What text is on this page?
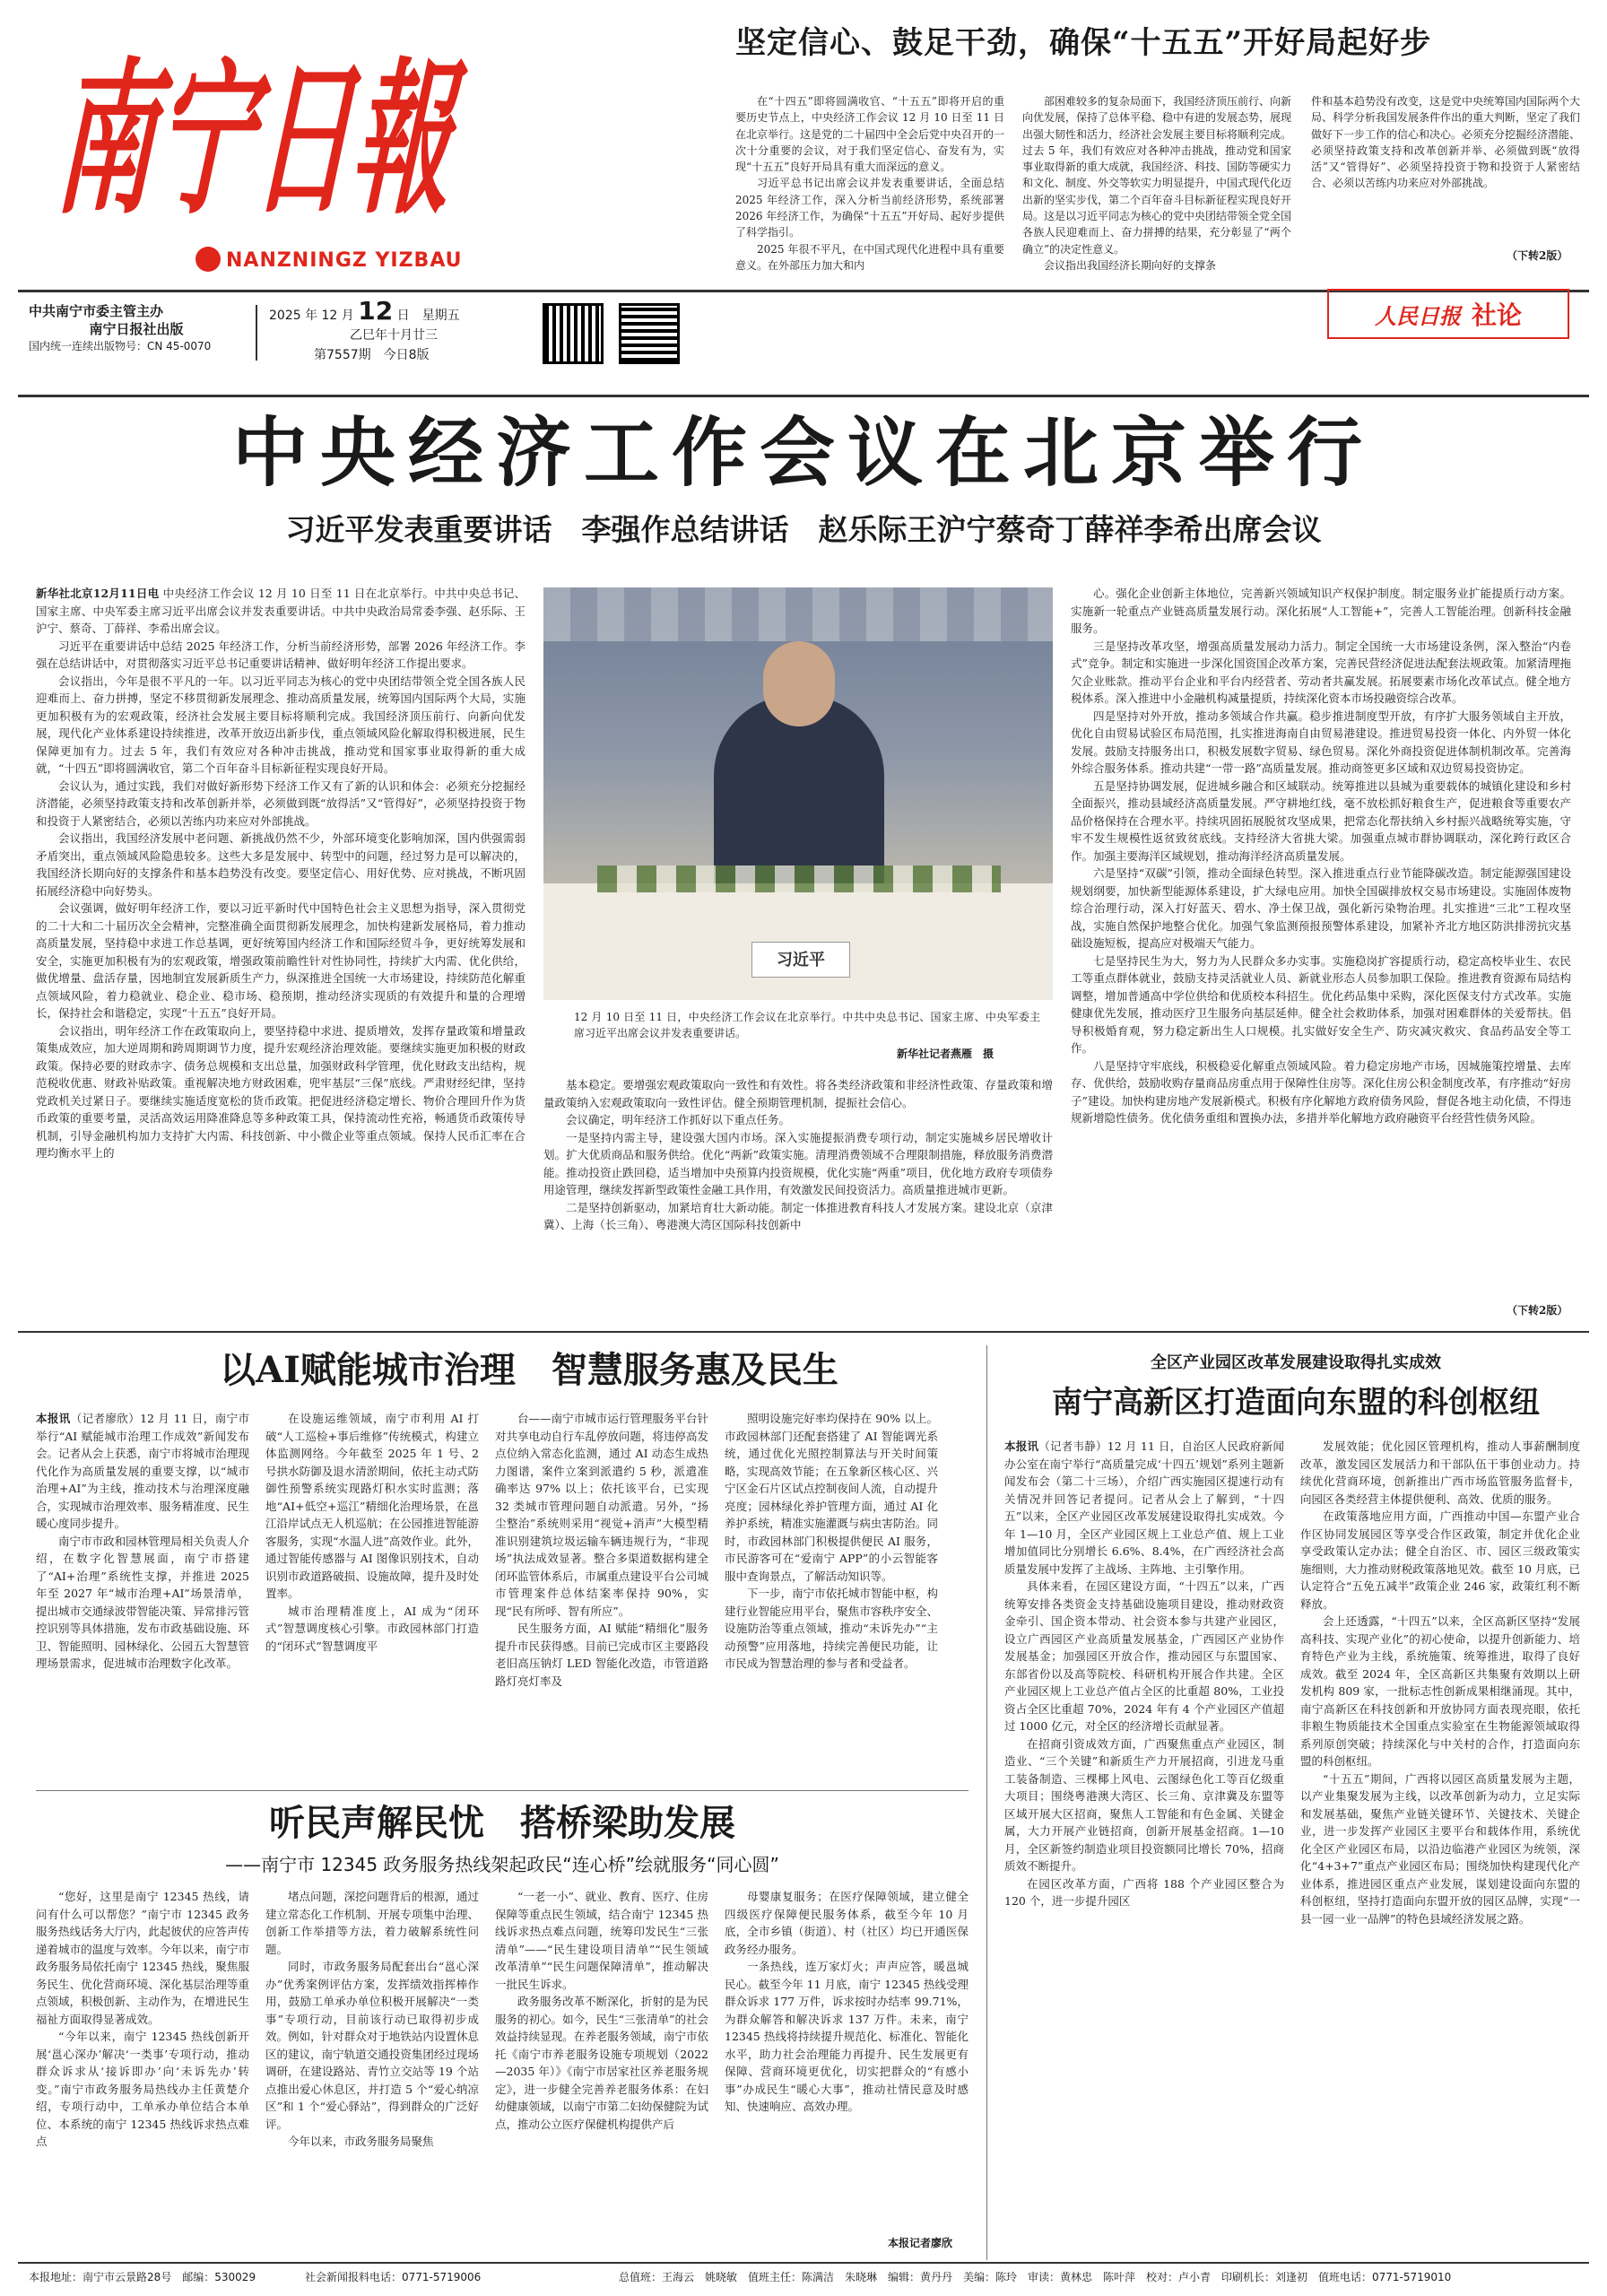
南宁日報
NANZNINGZ YIZBAU
中共南宁市委主管主办
南宁日报社出版
国内统一连续出版物号：CN 45-0070
2025 年 12 月 12 日　 星期五
乙巳年十月廿三
第7557期　 今日8版
坚定信心、鼓足干劲，确保“十五五”开好局起好步

在“十四五”即将圆满收官、“十五五”即将开启的重要历史节点上，中央经济工作会议 12 月 10 日至 11 日在北京举行。这是党的二十届四中全会后党中央召开的一次十分重要的会议，对于我们坚定信心、奋发有为，实现“十五五”良好开局具有重大而深远的意义。

习近平总书记出席会议并发表重要讲话，全面总结 2025 年经济工作，深入分析当前经济形势，系统部署 2026 年经济工作，为确保“十五五”开好局、起好步提供了科学指引。

2025 年很不平凡，在中国式现代化进程中具有重要意义。在外部压力加大和内

部困难较多的复杂局面下，我国经济顶压前行、向新向优发展，保持了总体平稳、稳中有进的发展态势，展现出强大韧性和活力，经济社会发展主要目标将顺利完成。过去 5 年，我们有效应对各种冲击挑战，推动党和国家事业取得新的重大成就，我国经济、科技、国防等硬实力和文化、制度、外交等软实力明显提升，中国式现代化迈出新的坚实步伐，第二个百年奋斗目标新征程实现良好开局。这是以习近平同志为核心的党中央团结带领全党全国各族人民迎难而上、奋力拼搏的结果，充分彰显了“两个确立”的决定性意义。

会议指出我国经济长期向好的支撑条

件和基本趋势没有改变，这是党中央统筹国内国际两个大局、科学分析我国发展条件作出的重大判断，坚定了我们做好下一步工作的信心和决心。必须充分挖掘经济潜能、必须坚持政策支持和改革创新并举、必须做到既“放得活”又“管得好”、必须坚持投资于物和投资于人紧密结合、必须以苦练内功来应对外部挑战。
（下转2版）
人民日报 社论
中央经济工作会议在北京举行
习近平发表重要讲话　李强作总结讲话　赵乐际王沪宁蔡奇丁薛祥李希出席会议
新华社北京12月11日电 中央经济工作会议 12 月 10 日至 11 日在北京举行。中共中央总书记、国家主席、中央军委主席习近平出席会议并发表重要讲话。中共中央政治局常委李强、赵乐际、王沪宁、蔡奇、丁薛祥、李希出席会议。

习近平在重要讲话中总结 2025 年经济工作，分析当前经济形势，部署 2026 年经济工作。李强在总结讲话中，对贯彻落实习近平总书记重要讲话精神、做好明年经济工作提出要求。

会议指出，今年是很不平凡的一年。以习近平同志为核心的党中央团结带领全党全国各族人民迎难而上、奋力拼搏，坚定不移贯彻新发展理念、推动高质量发展，统筹国内国际两个大局，实施更加积极有为的宏观政策，经济社会发展主要目标将顺利完成。我国经济顶压前行、向新向优发展，现代化产业体系建设持续推进，改革开放迈出新步伐，重点领域风险化解取得积极进展，民生保障更加有力。过去 5 年，我们有效应对各种冲击挑战，推动党和国家事业取得新的重大成就，“十四五”即将圆满收官，第二个百年奋斗目标新征程实现良好开局。

会议认为，通过实践，我们对做好新形势下经济工作又有了新的认识和体会：必须充分挖掘经济潜能，必须坚持政策支持和改革创新并举，必须做到既“放得活”又“管得好”，必须坚持投资于物和投资于人紧密结合，必须以苦练内功来应对外部挑战。

会议指出，我国经济发展中老问题、新挑战仍然不少，外部环境变化影响加深，国内供强需弱矛盾突出，重点领域风险隐患较多。这些大多是发展中、转型中的问题，经过努力是可以解决的，我国经济长期向好的支撑条件和基本趋势没有改变。要坚定信心、用好优势、应对挑战，不断巩固拓展经济稳中向好势头。

会议强调，做好明年经济工作，要以习近平新时代中国特色社会主义思想为指导，深入贯彻党的二十大和二十届历次全会精神，完整准确全面贯彻新发展理念，加快构建新发展格局，着力推动高质量发展，坚持稳中求进工作总基调，更好统筹国内经济工作和国际经贸斗争，更好统筹发展和安全，实施更加积极有为的宏观政策，增强政策前瞻性针对性协同性，持续扩大内需、优化供给，做优增量、盘活存量，因地制宜发展新质生产力，纵深推进全国统一大市场建设，持续防范化解重点领域风险，着力稳就业、稳企业、稳市场、稳预期，推动经济实现质的有效提升和量的合理增长，保持社会和谐稳定，实现“十五五”良好开局。

会议指出，明年经济工作在政策取向上，要坚持稳中求进、提质增效，发挥存量政策和增量政策集成效应，加大逆周期和跨周期调节力度，提升宏观经济治理效能。要继续实施更加积极的财政政策。保持必要的财政赤字、债务总规模和支出总量，加强财政科学管理，优化财政支出结构，规范税收优惠、财政补贴政策。重视解决地方财政困难，兜牢基层“三保”底线。严肃财经纪律，坚持党政机关过紧日子。要继续实施适度宽松的货币政策。把促进经济稳定增长、物价合理回升作为货币政策的重要考量，灵活高效运用降准降息等多种政策工具，保持流动性充裕，畅通货币政策传导机制，引导金融机构加力支持扩大内需、科技创新、中小微企业等重点领域。保持人民币汇率在合理均衡水平上的

习近平
12 月 10 日至 11 日，中央经济工作会议在北京举行。中共中央总书记、国家主席、中央军委主席习近平出席会议并发表重要讲话。
新华社记者燕雁　摄

基本稳定。要增强宏观政策取向一致性和有效性。将各类经济政策和非经济性政策、存量政策和增量政策纳入宏观政策取向一致性评估。健全预期管理机制，提振社会信心。

会议确定，明年经济工作抓好以下重点任务。

一是坚持内需主导，建设强大国内市场。深入实施提振消费专项行动，制定实施城乡居民增收计划。扩大优质商品和服务供给。优化“两新”政策实施。清理消费领域不合理限制措施，释放服务消费潜能。推动投资止跌回稳，适当增加中央预算内投资规模，优化实施“两重”项目，优化地方政府专项债券用途管理，继续发挥新型政策性金融工具作用，有效激发民间投资活力。高质量推进城市更新。

二是坚持创新驱动，加紧培育壮大新动能。制定一体推进教育科技人才发展方案。建设北京（京津冀）、上海（长三角）、粤港澳大湾区国际科技创新中

心。强化企业创新主体地位，完善新兴领域知识产权保护制度。制定服务业扩能提质行动方案。实施新一轮重点产业链高质量发展行动。深化拓展“人工智能+”，完善人工智能治理。创新科技金融服务。

三是坚持改革攻坚，增强高质量发展动力活力。制定全国统一大市场建设条例，深入整治“内卷式”竞争。制定和实施进一步深化国资国企改革方案，完善民营经济促进法配套法规政策。加紧清理拖欠企业账款。推动平台企业和平台内经营者、劳动者共赢发展。拓展要素市场化改革试点。健全地方税体系。深入推进中小金融机构减量提质，持续深化资本市场投融资综合改革。

四是坚持对外开放，推动多领域合作共赢。稳步推进制度型开放，有序扩大服务领域自主开放，优化自由贸易试验区布局范围，扎实推进海南自由贸易港建设。推进贸易投资一体化、内外贸一体化发展。鼓励支持服务出口，积极发展数字贸易、绿色贸易。深化外商投资促进体制机制改革。完善海外综合服务体系。推动共建“一带一路”高质量发展。推动商签更多区域和双边贸易投资协定。

五是坚持协调发展，促进城乡融合和区域联动。统筹推进以县城为重要载体的城镇化建设和乡村全面振兴，推动县域经济高质量发展。严守耕地红线，毫不放松抓好粮食生产，促进粮食等重要农产品价格保持在合理水平。持续巩固拓展脱贫攻坚成果，把常态化帮扶纳入乡村振兴战略统筹实施，守牢不发生规模性返贫致贫底线。支持经济大省挑大梁。加强重点城市群协调联动，深化跨行政区合作。加强主要海洋区域规划，推动海洋经济高质量发展。

六是坚持“双碳”引领，推动全面绿色转型。深入推进重点行业节能降碳改造。制定能源强国建设规划纲要，加快新型能源体系建设，扩大绿电应用。加快全国碳排放权交易市场建设。实施固体废物综合治理行动，深入打好蓝天、碧水、净土保卫战，强化新污染物治理。扎实推进“三北”工程攻坚战，实施自然保护地整合优化。加强气象监测预报预警体系建设，加紧补齐北方地区防洪排涝抗灾基础设施短板，提高应对极端天气能力。

七是坚持民生为大，努力为人民群众多办实事。实施稳岗扩容提质行动，稳定高校毕业生、农民工等重点群体就业，鼓励支持灵活就业人员、新就业形态人员参加职工保险。推进教育资源布局结构调整，增加普通高中学位供给和优质校本科招生。优化药品集中采购，深化医保支付方式改革。实施健康优先发展，推动医疗卫生服务向基层延伸。健全社会救助体系，加强对困难群体的关爱帮扶。倡导积极婚育观，努力稳定新出生人口规模。扎实做好安全生产、防灾减灾救灾、食品药品安全等工作。

八是坚持守牢底线，积极稳妥化解重点领域风险。着力稳定房地产市场，因城施策控增量、去库存、优供给，鼓励收购存量商品房重点用于保障性住房等。深化住房公积金制度改革，有序推动“好房子”建设。加快构建房地产发展新模式。积极有序化解地方政府债务风险，督促各地主动化债，不得违规新增隐性债务。优化债务重组和置换办法，多措并举化解地方政府融资平台经营性债务风险。

（下转2版）
以AI赋能城市治理　智慧服务惠及民生
本报讯（记者廖欣）12 月 11 日，南宁市举行“AI 赋能城市治理工作成效”新闻发布会。记者从会上获悉，南宁市将城市治理现代化作为高质量发展的重要支撑，以“城市治理+AI”为主线，推动技术与治理深度融合，实现城市治理效率、服务精准度、民生暖心度同步提升。

南宁市市政和园林管理局相关负责人介绍，在数字化智慧展面，南宁市搭建了“AI+治理”系统性支撑，并推进 2025 年至 2027 年“城市治理+AI”场景清单，提出城市交通绿波带智能决策、异常排污管控识别等具体措施，发布市政基础设施、环卫、智能照明、园林绿化、公园五大智慧管理场景需求，促进城市治理数字化改革。

在设施运维领域，南宁市利用 AI 打破“人工巡检+事后维修”传统模式，构建立体监测网络。今年截至 2025 年 1 号、2 号拱水防御及退水清淤期间，依托主动式防御性预警系统实现路灯积水实时监测；落地“AI+低空+巡江”精细化治理场景，在邕江沿岸试点无人机巡航；在公园推进智能游客服务，实现“水温人进”高效作业。此外，通过智能传感器与 AI 图像识别技术，自动识别市政道路破损、设施故障，提升及时处置率。

城市治理精准度上，AI 成为“闭环式”智慧调度核心引擎。市政园林部门打造的“闭环式”智慧调度平

台——南宁市城市运行管理服务平台针对共享电动自行车乱停放问题，将违停高发点位纳入常态化监测，通过 AI 动态生成热力图谱，案件立案到派遣约 5 秒，派遣准确率达 97% 以上；依托该平台，已实现 32 类城市管理问题自动派遣。另外，“扬尘整治”系统则采用“视觉+消声”大模型精准识别建筑垃圾运输车辆违规行为，“非现场”执法成效显著。整合多渠道数据构建全闭环监管体系后，市属重点建设平台公司城市管理案件总体结案率保持 90%，实现“民有所呼、智有所应”。

民生服务方面，AI 赋能“精细化”服务提升市民获得感。目前已完成市区主要路段老旧高压钠灯 LED 智能化改造，市管道路路灯亮灯率及

照明设施完好率均保持在 90% 以上。市政园林部门还配套搭建了 AI 智能调光系统，通过优化光照控制算法与开关时间策略，实现高效节能；在五象新区核心区、兴宁区金石片区试点控制夜间人流，自动提升亮度；园林绿化养护管理方面，通过 AI 化养护系统，精准实施灌溉与病虫害防治。同时，市政园林部门积极提供便民 AI 服务，市民游客可在“爱南宁 APP”的小云智能客服中查询景点，了解活动知识等。

下一步，南宁市依托城市智能中枢，构建行业智能应用平台，聚焦市容秩序安全、设施防治等重点领域，推动“未诉先办”“主动预警”应用落地，持续完善便民功能，让市民成为智慧治理的参与者和受益者。

全区产业园区改革发展建设取得扎实成效
南宁高新区打造面向东盟的科创枢纽
本报讯（记者韦静）12 月 11 日，自治区人民政府新闻办公室在南宁举行“高质量完成‘十四五’规划”系列主题新闻发布会（第二十三场），介绍广西实施园区提速行动有关情况并回答记者提问。记者从会上了解到，“十四五”以来，全区产业园区改革发展建设取得扎实成效。今年 1—10 月，全区产业园区规上工业总产值、规上工业增加值同比分别增长 6.6%、8.4%，在广西经济社会高质量发展中发挥了主战场、主阵地、主引擎作用。

具体来看，在园区建设方面，“十四五”以来，广西统筹安排各类资金支持基础设施项目建设，推动财政资金牵引、国企资本带动、社会资本参与共建产业园区，设立广西园区产业高质量发展基金，广西园区产业协作发展基金；加强园区开放合作，推动园区与东盟国家、东部省份以及高等院校、科研机构开展合作共建。全区产业园区规上工业总产值占全区的比重超 80%，工业投资占全区比重超 70%，2024 年有 4 个产业园区产值超过 1000 亿元，对全区的经济增长贡献显著。

在招商引资成效方面，广西聚焦重点产业园区，制造业、“三个关键”和新质生产力开展招商，引进龙马重工装备制造、三棵椰上风电、云图绿色化工等百亿级重大项目；围绕粤港澳大湾区、长三角、京津冀及东盟等区域开展大区招商，聚焦人工智能和有色金属、关键金属，大力开展产业链招商，创新开展基金招商。1—10 月，全区新签约制造业项目投资额同比增长 70%，招商质效不断提升。

在园区改革方面，广西将 188 个产业园区整合为 120 个，进一步提升园区

发展效能；优化园区管理机构，推动人事薪酬制度改革，激发园区发展活力和干部队伍干事创业动力。持续优化营商环境，创新推出广西市场监管服务监督卡，向园区各类经营主体提供便利、高效、优质的服务。

在政策落地应用方面，广西推动中国—东盟产业合作区协同发展园区等享受合作区政策，制定并优化企业享受政策认定办法；健全自治区、市、园区三级政策实施细则，大力推动财税政策落地见效。截至 10 月底，已认定符合“五免五减半”政策企业 246 家，政策红利不断释放。

会上还透露，“十四五”以来，全区高新区坚持“发展高科技、实现产业化”的初心使命，以提升创新能力、培育特色产业为主线，系统施策、统筹推进，取得了良好成效。截至 2024 年，全区高新区共集聚有效期以上研发机构 809 家，一批标志性创新成果相继涌现。其中，南宁高新区在科技创新和开放协同方面表现亮眼，依托非粮生物质能技术全国重点实验室在生物能源领域取得系列原创突破；持续深化与中关村的合作，打造面向东盟的科创枢纽。

“十五五”期间，广西将以园区高质量发展为主题，以产业集聚发展为主线，以改革创新为动力，立足实际和发展基础，聚焦产业链关键环节、关键技术、关键企业，进一步发挥产业园区主要平台和载体作用，系统优化全区产业园区布局，以沿边临港产业园区为统领，深化“4+3+7”重点产业园区布局；围绕加快构建现代化产业体系，推进园区重点产业发展，谋划建设面向东盟的科创枢纽，坚持打造面向东盟开放的园区品牌，实现“一县一园一业一品牌”的特色县域经济发展之路。

听民声解民忧　搭桥梁助发展
——南宁市 12345 政务服务热线架起政民“连心桥”绘就服务“同心圆”

“您好，这里是南宁 12345 热线，请问有什么可以帮您？”南宁市 12345 政务服务热线话务大厅内，此起彼伏的应答声传递着城市的温度与效率。今年以来，南宁市政务服务局依托南宁 12345 热线，聚焦服务民生、优化营商环境、深化基层治理等重点领域，积极创新、主动作为，在增进民生福祉方面取得显著成效。

“今年以来，南宁 12345 热线创新开展‘邕心深办’解决‘一类事’专项行动，推动群众诉求从‘接诉即办’向‘未诉先办’转变。”南宁市政务服务局热线办主任黄楚介绍，专项行动中，工单承办单位结合本单位、本系统的南宁 12345 热线诉求热点难点

堵点问题，深挖问题背后的根源，通过建立常态化工作机制、开展专项集中治理、创新工作举措等方法，着力破解系统性问题。

同时，市政务服务局配套出台“邕心深办”优秀案例评估方案，发挥绩效指挥棒作用，鼓励工单承办单位积极开展解决“一类事”专项行动，目前该行动已取得初步成效。例如，针对群众对于地铁站内设置休息区的建议，南宁轨道交通投资集团经过现场调研，在建设路站、青竹立交站等 19 个站点推出爱心休息区，并打造 5 个“爱心纳凉区”和 1 个“爱心驿站”，得到群众的广泛好评。

今年以来，市政务服务局聚焦

“一老一小”、就业、教育、医疗、住房保障等重点民生领域，结合南宁 12345 热线诉求热点难点问题，统筹印发民生“三张清单”——“民生建设项目清单”“民生领域改革清单”“民生问题保障清单”，推动解决一批民生诉求。

政务服务改革不断深化，折射的是为民服务的初心。如今，民生“三张清单”的社会效益持续显现。在养老服务领域，南宁市依托《南宁市养老服务设施专项规划（2022—2035 年）》《南宁市居家社区养老服务规定》，进一步健全完善养老服务体系：在妇幼健康领域，以南宁市第二妇幼保健院为试点，推动公立医疗保健机构提供产后

母婴康复服务；在医疗保障领域，建立健全四级医疗保障便民服务体系，截至今年 10 月底，全市乡镇（街道）、村（社区）均已开通医保政务经办服务。

一条热线，连万家灯火；声声应答，暖邕城民心。截至今年 11 月底，南宁 12345 热线受理群众诉求 177 万件，诉求按时办结率 99.71%，为群众解答和解决诉求 137 万件。未来，南宁 12345 热线将持续提升规范化、标准化、智能化水平，助力社会治理能力再提升、民生发展更有保障、营商环境更优化，切实把群众的“有感小事”办成民生“暖心大事”，推动社情民意及时感知、快速响应、高效办理。

本报记者廖欣
本报地址：南宁市云景路28号　邮编：530029	社会新闻报料电话：0771-5719006	总值班：王海云　姚晓敏　值班主任：陈满洁　朱晓琳　编辑：黄丹丹　美编：陈玲　审读：黄林忠　陈叶萍　校对：卢小青　印刷机长：刘逢初　值班电话：0771-5719010
